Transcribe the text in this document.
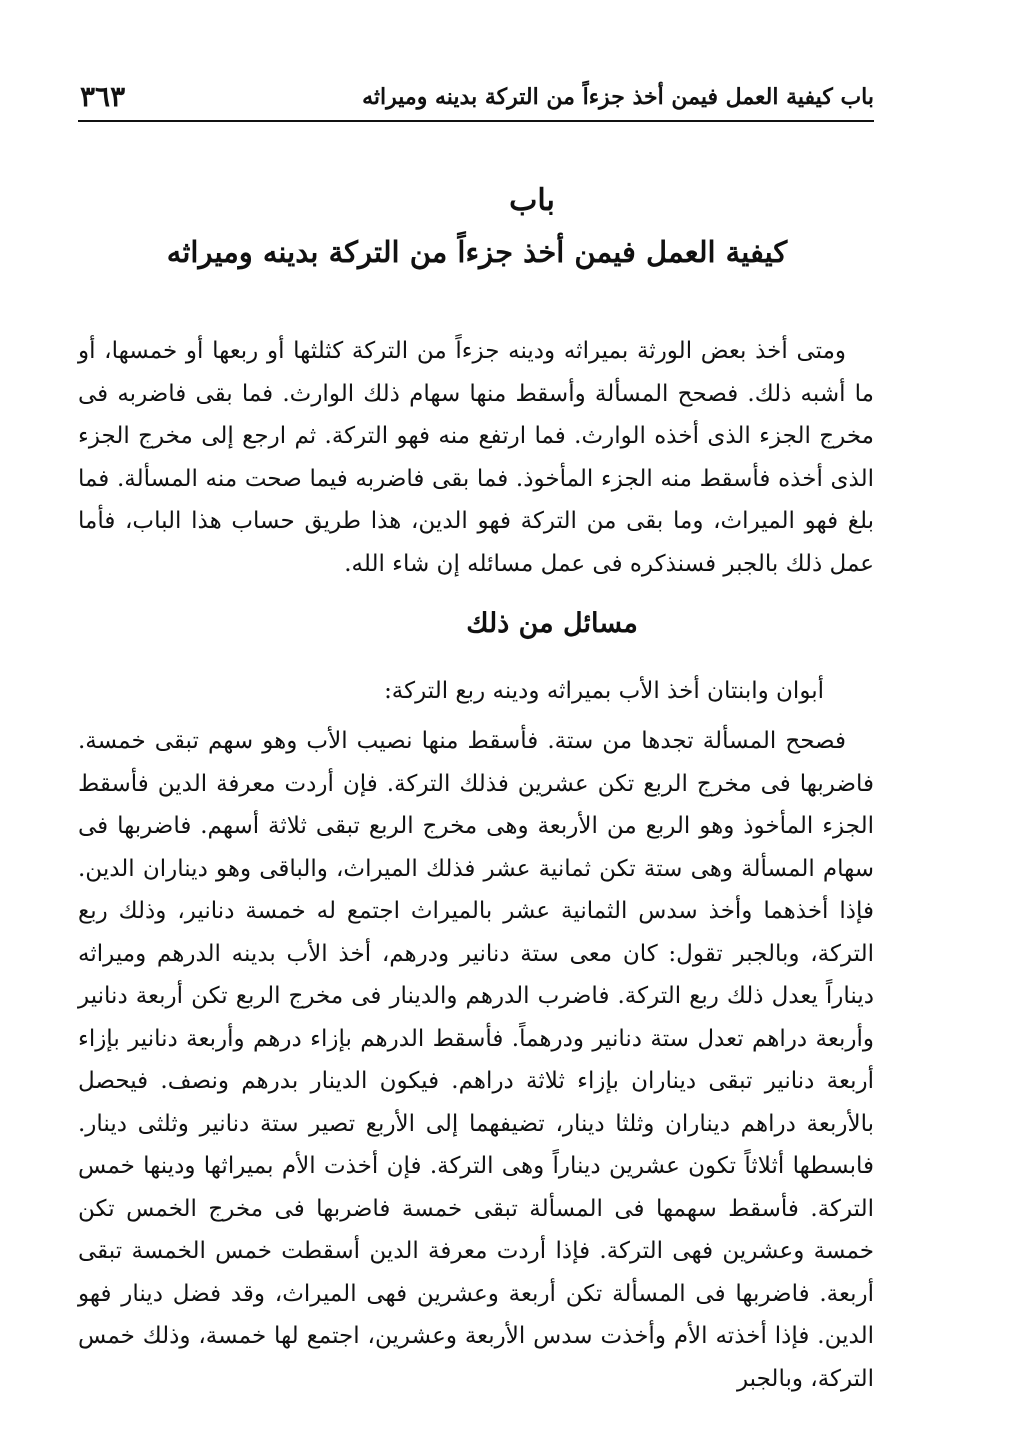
باب كيفية العمل فيمن أخذ جزءاً من التركة بدينه وميراثه
٣٦٣
باب
كيفية العمل فيمن أخذ جزءاً من التركة بدينه وميراثه

ومتى أخذ بعض الورثة بميراثه ودينه جزءاً من التركة كثلثها أو ربعها أو خمسها، أو ما أشبه ذلك. فصحح المسألة وأسقط منها سهام ذلك الوارث. فما بقى فاضربه فى مخرج الجزء الذى أخذه الوارث. فما ارتفع منه فهو التركة. ثم ارجع إلى مخرج الجزء الذى أخذه فأسقط منه الجزء المأخوذ. فما بقى فاضربه فيما صحت منه المسألة. فما بلغ فهو الميراث، وما بقى من التركة فهو الدين، هذا طريق حساب هذا الباب، فأما عمل ذلك بالجبر فسنذكره فى عمل مسائله إن شاء الله.

مسائل من ذلك
أبوان وابنتان أخذ الأب بميراثه ودينه ربع التركة:

فصحح المسألة تجدها من ستة. فأسقط منها نصيب الأب وهو سهم تبقى خمسة. فاضربها فى مخرج الربع تكن عشرين فذلك التركة. فإن أردت معرفة الدين فأسقط الجزء المأخوذ وهو الربع من الأربعة وهى مخرج الربع تبقى ثلاثة أسهم. فاضربها فى سهام المسألة وهى ستة تكن ثمانية عشر فذلك الميراث، والباقى وهو ديناران الدين. فإذا أخذهما وأخذ سدس الثمانية عشر بالميراث اجتمع له خمسة دنانير، وذلك ربع التركة، وبالجبر تقول: كان معى ستة دنانير ودرهم، أخذ الأب بدينه الدرهم وميراثه ديناراً يعدل ذلك ربع التركة. فاضرب الدرهم والدينار فى مخرج الربع تكن أربعة دنانير وأربعة دراهم تعدل ستة دنانير ودرهماً. فأسقط الدرهم بإزاء درهم وأربعة دنانير بإزاء أربعة دنانير تبقى ديناران بإزاء ثلاثة دراهم. فيكون الدينار بدرهم ونصف. فيحصل بالأربعة دراهم ديناران وثلثا دينار، تضيفهما إلى الأربع تصير ستة دنانير وثلثى دينار. فابسطها أثلاثاً تكون عشرين ديناراً وهى التركة. فإن أخذت الأم بميراثها ودينها خمس التركة. فأسقط سهمها فى المسألة تبقى خمسة فاضربها فى مخرج الخمس تكن خمسة وعشرين فهى التركة. فإذا أردت معرفة الدين أسقطت خمس الخمسة تبقى أربعة. فاضربها فى المسألة تكن أربعة وعشرين فهى الميراث، وقد فضل دينار فهو الدين. فإذا أخذته الأم وأخذت سدس الأربعة وعشرين، اجتمع لها خمسة، وذلك خمس التركة، وبالجبر
